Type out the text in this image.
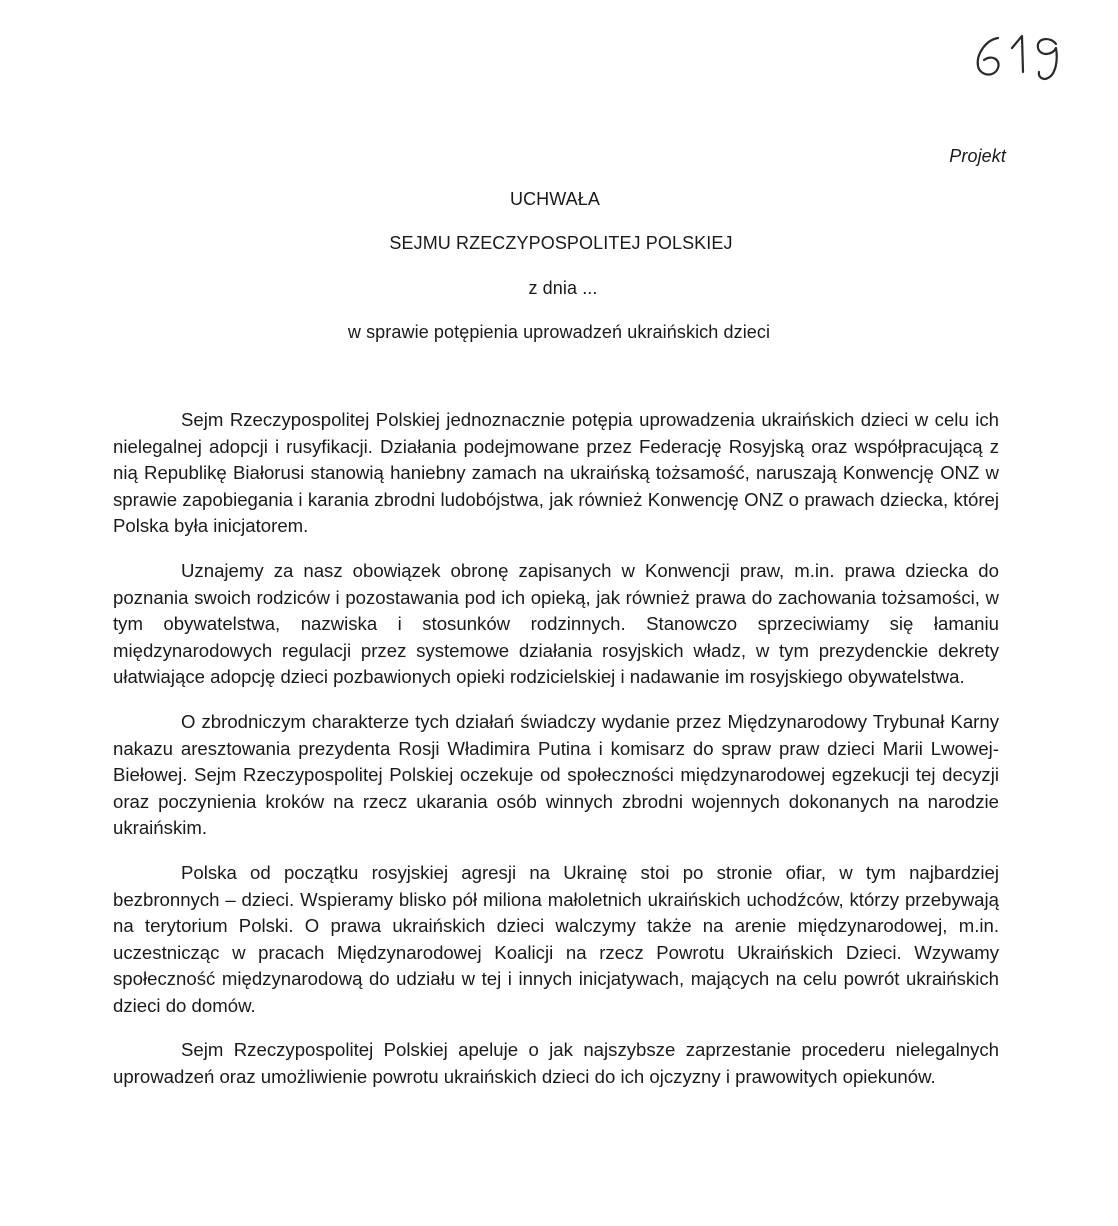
Projekt
UCHWAŁA
SEJMU RZECZYPOSPOLITEJ POLSKIEJ
z dnia ...
w sprawie potępienia uprowadzeń ukraińskich dzieci

Sejm Rzeczypospolitej Polskiej jednoznacznie potępia uprowadzenia ukraińskich dzieci w celu ich nielegalnej adopcji i rusyfikacji. Działania podejmowane przez Federację Rosyjską oraz współpracującą z nią Republikę Białorusi stanowią haniebny zamach na ukraińską tożsamość, naruszają Konwencję ONZ w sprawie zapobiegania i karania zbrodni ludobójstwa, jak również Konwencję ONZ o prawach dziecka, której Polska była inicjatorem.

Uznajemy za nasz obowiązek obronę zapisanych w Konwencji praw, m.in. prawa dziecka do poznania swoich rodziców i pozostawania pod ich opieką, jak również prawa do zachowania tożsamości, w tym obywatelstwa, nazwiska i stosunków rodzinnych. Stanowczo sprzeciwiamy się łamaniu międzynarodowych regulacji przez systemowe działania rosyjskich władz, w tym prezydenckie dekrety ułatwiające adopcję dzieci pozbawionych opieki rodzicielskiej i nadawanie im rosyjskiego obywatelstwa.

O zbrodniczym charakterze tych działań świadczy wydanie przez Międzynarodowy Trybunał Karny nakazu aresztowania prezydenta Rosji Władimira Putina i komisarz do spraw praw dzieci Marii Lwowej-Biełowej. Sejm Rzeczypospolitej Polskiej oczekuje od społeczności międzynarodowej egzekucji tej decyzji oraz poczynienia kroków na rzecz ukarania osób winnych zbrodni wojennych dokonanych na narodzie ukraińskim.

Polska od początku rosyjskiej agresji na Ukrainę stoi po stronie ofiar, w tym najbardziej bezbronnych – dzieci. Wspieramy blisko pół miliona małoletnich ukraińskich uchodźców, którzy przebywają na terytorium Polski. O prawa ukraińskich dzieci walczymy także na arenie międzynarodowej, m.in. uczestnicząc w pracach Międzynarodowej Koalicji na rzecz Powrotu Ukraińskich Dzieci. Wzywamy społeczność międzynarodową do udziału w tej i innych inicjatywach, mających na celu powrót ukraińskich dzieci do domów.

Sejm Rzeczypospolitej Polskiej apeluje o jak najszybsze zaprzestanie procederu nielegalnych uprowadzeń oraz umożliwienie powrotu ukraińskich dzieci do ich ojczyzny i prawowitych opiekunów.
